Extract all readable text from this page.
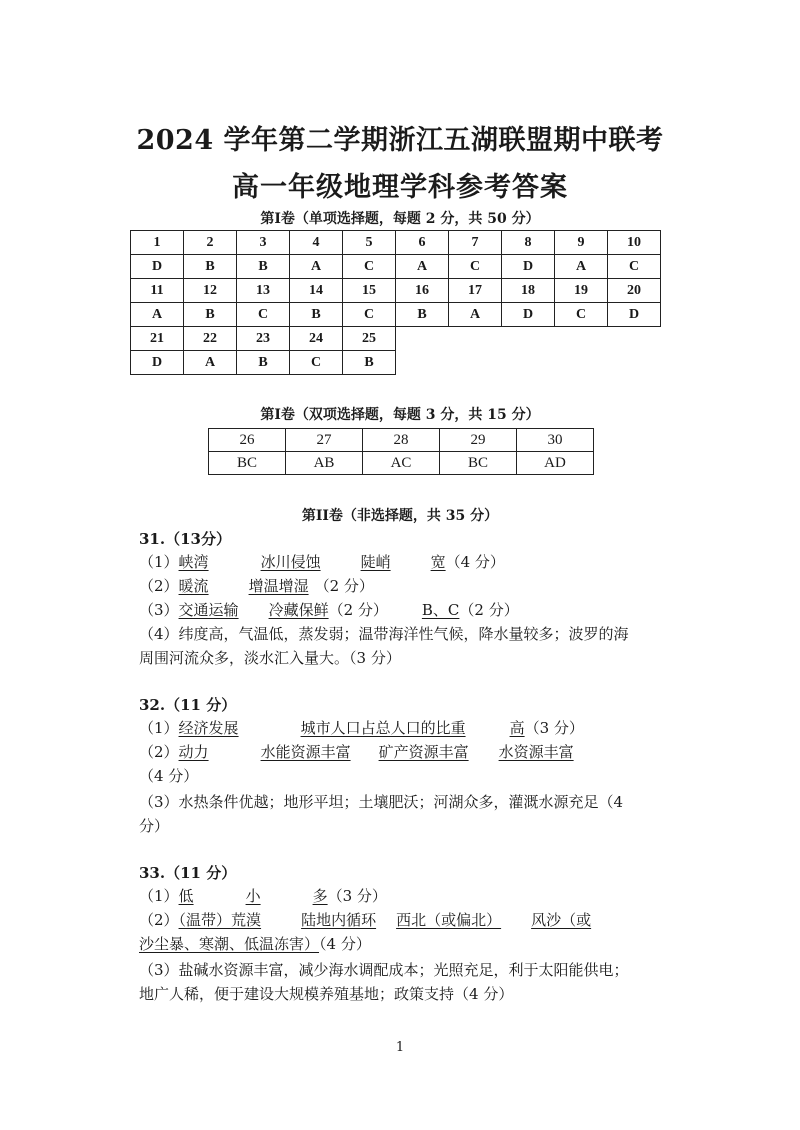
2024 学年第二学期浙江五湖联盟期中联考
高一年级地理学科参考答案
第I卷（单项选择题，每题 2 分，共 50 分）
1	2	3	4	5	6	7	8	9	10
D	B	B	A	C	A	C	D	A	C
11	12	13	14	15	16	17	18	19	20
A	B	C	B	C	B	A	D	C	D
21	22	23	24	25					
D	A	B	C	B					
第I卷（双项选择题，每题 3 分，共 15 分）
26	27	28	29	30
BC	AB	AC	BC	AD
第II卷（非选择题，共 35 分）
31.（13分）
（1）峡湾	冰川侵蚀	陡峭	宽（4 分）
（2）暖流	增温增湿 （2 分）
（3）交通运输 冷藏保鲜（2 分） B、C（2 分）
（4）纬度高，气温低，蒸发弱；温带海洋性气候，降水量较多；波罗的海
周围河流众多，淡水汇入量大。（3 分）
32.（11 分）
（1）经济发展	城市人口占总人口的比重	高（3 分）
（2）动力	水能资源丰富 矿产资源丰富 水资源丰富
（4 分）
（3）水热条件优越；地形平坦；土壤肥沃；河湖众多，灌溉水源充足（4
分）
33.（11 分）
（1）低	小	多（3 分）
（2）（温带）荒漠	陆地内循环 西北（或偏北） 风沙（或
沙尘暴、寒潮、低温冻害）（4 分）
（3）盐碱水资源丰富，减少海水调配成本；光照充足，利于太阳能供电；
地广人稀，便于建设大规模养殖基地；政策支持（4 分）
1
